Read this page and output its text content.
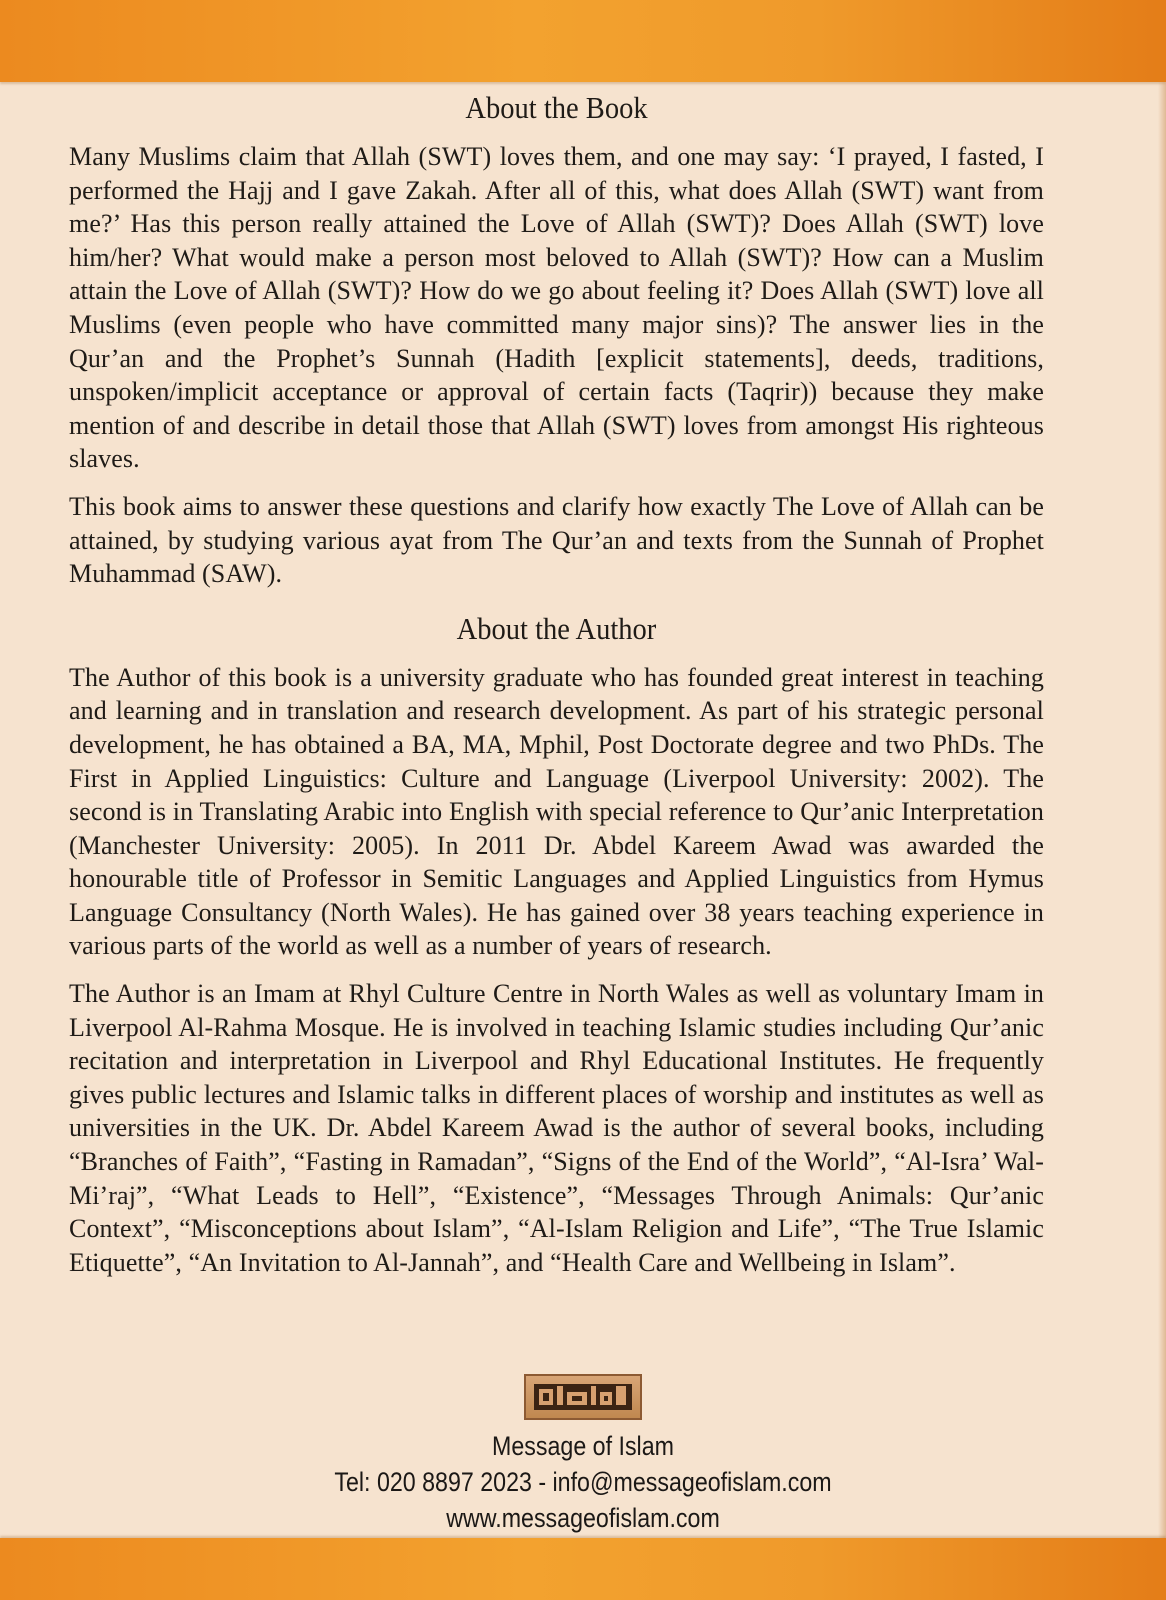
About the Book

Many Muslims claim that Allah (SWT) loves them, and one may say: ‘I prayed, I fasted, I performed the Hajj and I gave Zakah. After all of this, what does Allah (SWT) want from me?’ Has this person really attained the Love of Allah (SWT)? Does Allah (SWT) love him/her? What would make a person most beloved to Allah (SWT)? How can a Muslim attain the Love of Allah (SWT)? How do we go about feeling it? Does Allah (SWT) love all Muslims (even people who have committed many major sins)? The answer lies in the Qur’an and the Prophet’s Sunnah (Hadith [explicit statements], deeds, traditions, unspoken/implicit acceptance or approval of certain facts (Taqrir)) because they make mention of and describe in detail those that Allah (SWT) loves from amongst His righteous slaves.

This book aims to answer these questions and clarify how exactly The Love of Allah can be attained, by studying various ayat from The Qur’an and texts from the Sunnah of Prophet Muhammad (SAW).

About the Author

The Author of this book is a university graduate who has founded great interest in teaching and learning and in translation and research development. As part of his strategic personal development, he has obtained a BA, MA, Mphil, Post Doctorate degree and two PhDs. The First in Applied Linguistics: Culture and Language (Liverpool University: 2002). The second is in Translating Arabic into English with special reference to Qur’anic Interpretation (Manchester University: 2005). In 2011 Dr. Abdel Kareem Awad was awarded the honourable title of Professor in Semitic Languages and Applied Linguistics from Hymus Language Consultancy (North Wales). He has gained over 38 years teaching experience in various parts of the world as well as a number of years of research.

The Author is an Imam at Rhyl Culture Centre in North Wales as well as voluntary Imam in Liverpool Al-Rahma Mosque. He is involved in teaching Islamic studies including Qur’anic recitation and interpretation in Liverpool and Rhyl Educational Institutes. He frequently gives public lectures and Islamic talks in different places of worship and institutes as well as universities in the UK. Dr. Abdel Kareem Awad is the author of several books, including “Branches of Faith”, “Fasting in Ramadan”, “Signs of the End of the World”, “Al-Isra’ Wal-Mi’raj”, “What Leads to Hell”, “Existence”, “Messages Through Animals: Qur’anic Context”, “Misconceptions about Islam”, “Al-Islam Religion and Life”, “The True Islamic Etiquette”, “An Invitation to Al-Jannah”, and “Health Care and Wellbeing in Islam”.

Message of Islam
Tel: 020 8897 2023 - info@messageofislam.com
www.messageofislam.com
